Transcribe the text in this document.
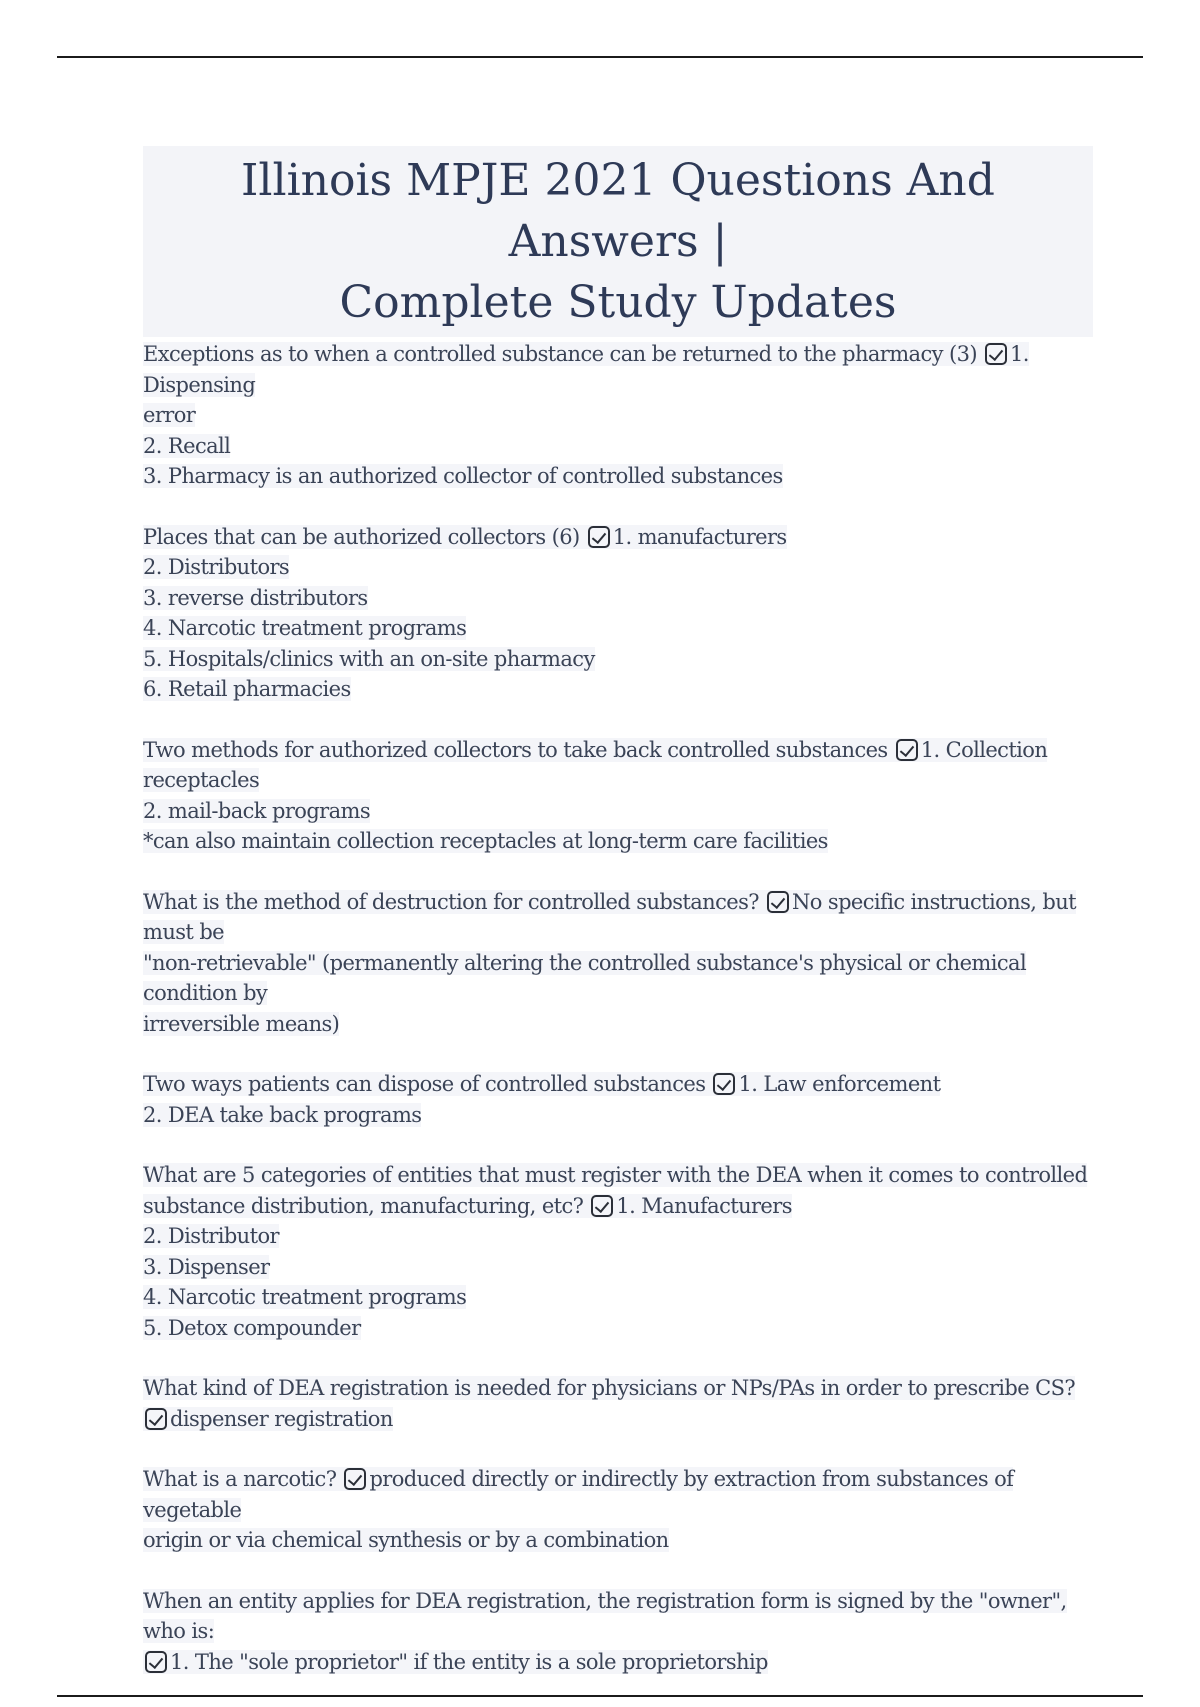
Illinois MPJE 2021 Questions And Answers |
Complete Study Updates
Exceptions as to when a controlled substance can be returned to the pharmacy (3) 1. Dispensing
error
2. Recall
3. Pharmacy is an authorized collector of controlled substances
Places that can be authorized collectors (6) 1. manufacturers
2. Distributors
3. reverse distributors
4. Narcotic treatment programs
5. Hospitals/clinics with an on-site pharmacy
6. Retail pharmacies
Two methods for authorized collectors to take back controlled substances 1. Collection receptacles
2. mail-back programs
*can also maintain collection receptacles at long-term care facilities
What is the method of destruction for controlled substances? No specific instructions, but must be
"non-retrievable" (permanently altering the controlled substance's physical or chemical condition by
irreversible means)
Two ways patients can dispose of controlled substances 1. Law enforcement
2. DEA take back programs
What are 5 categories of entities that must register with the DEA when it comes to controlled
substance distribution, manufacturing, etc? 1. Manufacturers
2. Distributor
3. Dispenser
4. Narcotic treatment programs
5. Detox compounder
What kind of DEA registration is needed for physicians or NPs/PAs in order to prescribe CS?
dispenser registration
What is a narcotic? produced directly or indirectly by extraction from substances of vegetable
origin or via chemical synthesis or by a combination
When an entity applies for DEA registration, the registration form is signed by the "owner", who is:
1. The "sole proprietor" if the entity is a sole proprietorship
